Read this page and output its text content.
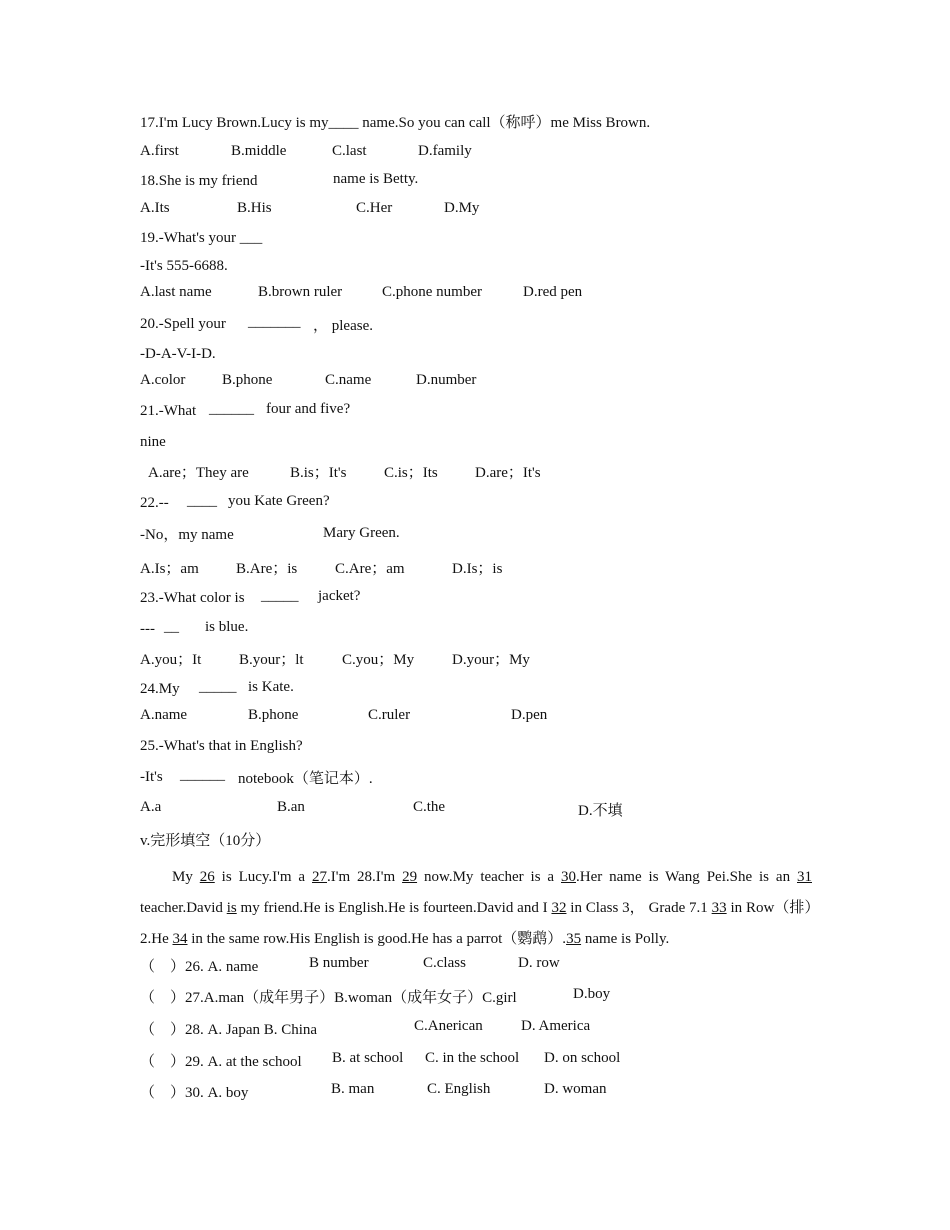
17.I'm Lucy Brown.Lucy is my____ name.So you can call（称呼）me Miss Brown.
A.first	B.middle	C.last	D.family
18.She is my friend	name is Betty.
A.Its	B.His	C.Her	D.My
19.-What's your ___
-It's 555-6688.
A.last name	B.brown ruler	C.phone number	D.red pen
20.-Spell your _______ ， please.
-D-A-V-I-D.
A.color B.phone	C.name	D.number
21.-What ______ four and five?
nine
A.are；They are	B.is；It's	C.is；Its D.are；It's
22.-- ____ you Kate Green?
-No，my name	Mary Green.
A.Is；am B.Are；is	C.Are；am	D.Is；is
23.-What color is _____ jacket?
--- __ is blue.
A.you；It	B.your；lt	C.you；My	D.your；My
24.My _____ is Kate.
A.name	B.phone	C.ruler	D.pen
25.-What's that in English?
-It's ______ notebook（笔记本）.
A.a	B.an	C.the	D.不填
v.完形填空（10分）
My 26 is Lucy.I'm a 27.I'm 28.I'm 29 now.My teacher is a 30.Her name is Wang Pei.She is an 31 teacher.David is my friend.He is English.He is fourteen.David and I 32 in Class 3， Grade 7.1 33 in Row（排）2.He 34 in the same row.His English is good.He has a parrot（鹦鹉）.35 name is Polly.
（    ）26. A. name	B number	C.class	D. row
（    ）27.A.man（成年男子）B.woman（成年女子）C.girl	D.boy
（    ）28. A. Japan B. China	C.Anerican	D. America
（    ）29. A. at the school B. at school C. in the school D. on school
（    ）30. A. boy	B. man	C. English	D. woman
